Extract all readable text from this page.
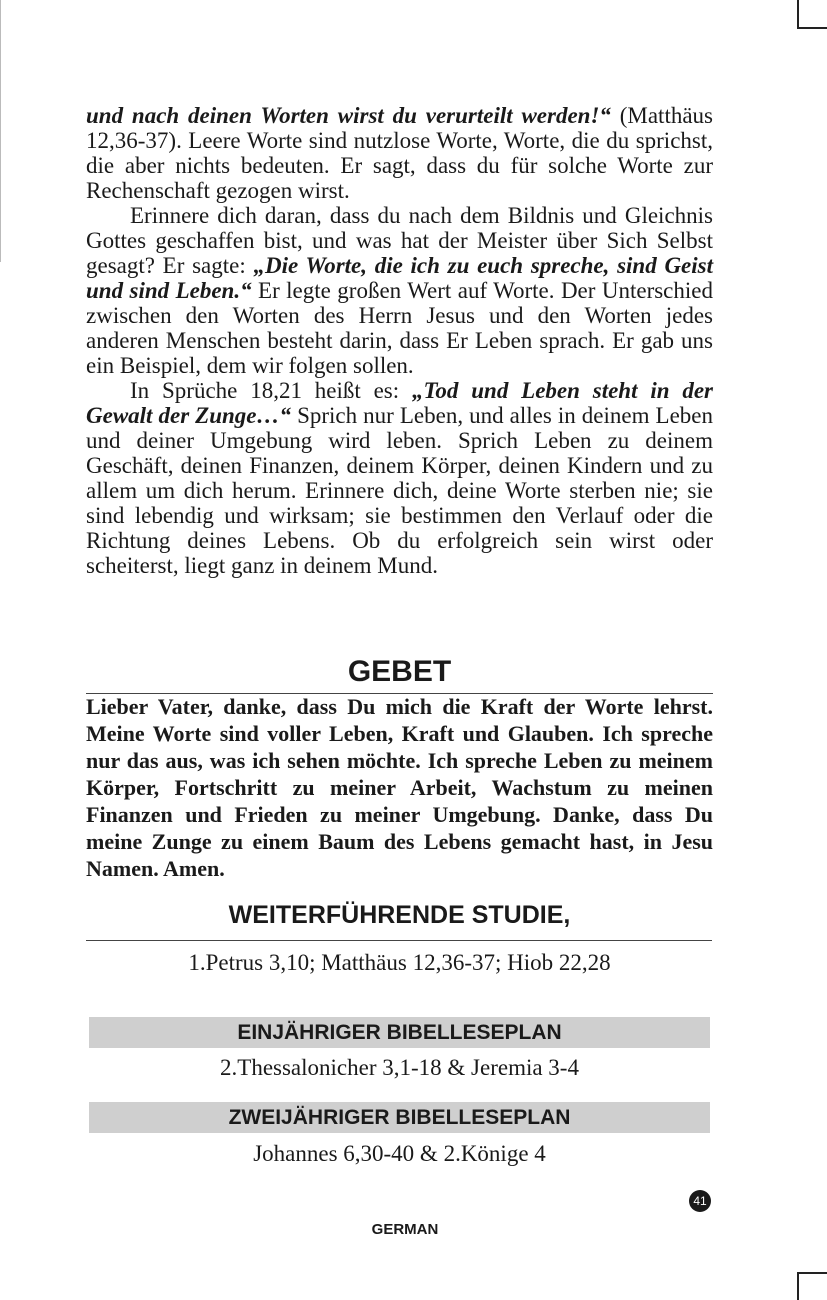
und nach deinen Worten wirst du verurteilt werden!“ (Matthäus 12,36-37). Leere Worte sind nutzlose Worte, Worte, die du sprichst, die aber nichts bedeuten. Er sagt, dass du für solche Worte zur Rechenschaft gezogen wirst.

Erinnere dich daran, dass du nach dem Bildnis und Gleichnis Gottes geschaffen bist, und was hat der Meister über Sich Selbst gesagt? Er sagte: „Die Worte, die ich zu euch spreche, sind Geist und sind Leben.“ Er legte großen Wert auf Worte. Der Unterschied zwischen den Worten des Herrn Jesus und den Worten jedes anderen Menschen besteht darin, dass Er Leben sprach. Er gab uns ein Beispiel, dem wir folgen sollen.

In Sprüche 18,21 heißt es: „Tod und Leben steht in der Gewalt der Zunge…“ Sprich nur Leben, und alles in deinem Leben und deiner Umgebung wird leben. Sprich Leben zu deinem Geschäft, deinen Finanzen, deinem Körper, deinen Kindern und zu allem um dich herum. Erinnere dich, deine Worte sterben nie; sie sind lebendig und wirksam; sie bestimmen den Verlauf oder die Richtung deines Lebens. Ob du erfolgreich sein wirst oder scheiterst, liegt ganz in deinem Mund.

GEBET

Lieber Vater, danke, dass Du mich die Kraft der Worte lehrst. Meine Worte sind voller Leben, Kraft und Glauben. Ich spreche nur das aus, was ich sehen möchte. Ich spreche Leben zu meinem Körper, Fortschritt zu meiner Arbeit, Wachstum zu meinen Finanzen und Frieden zu meiner Umgebung. Danke, dass Du meine Zunge zu einem Baum des Lebens gemacht hast, in Jesu Namen. Amen.

WEITERFÜHRENDE STUDIE,

1.Petrus 3,10; Matthäus 12,36-37; Hiob 22,28

EINJÄHRIGER BIBELLESEPLAN

2.Thessalonicher 3,1-18 & Jeremia 3-4

ZWEIJÄHRIGER BIBELLESEPLAN

Johannes 6,30-40 & 2.Könige 4

41
GERMAN
